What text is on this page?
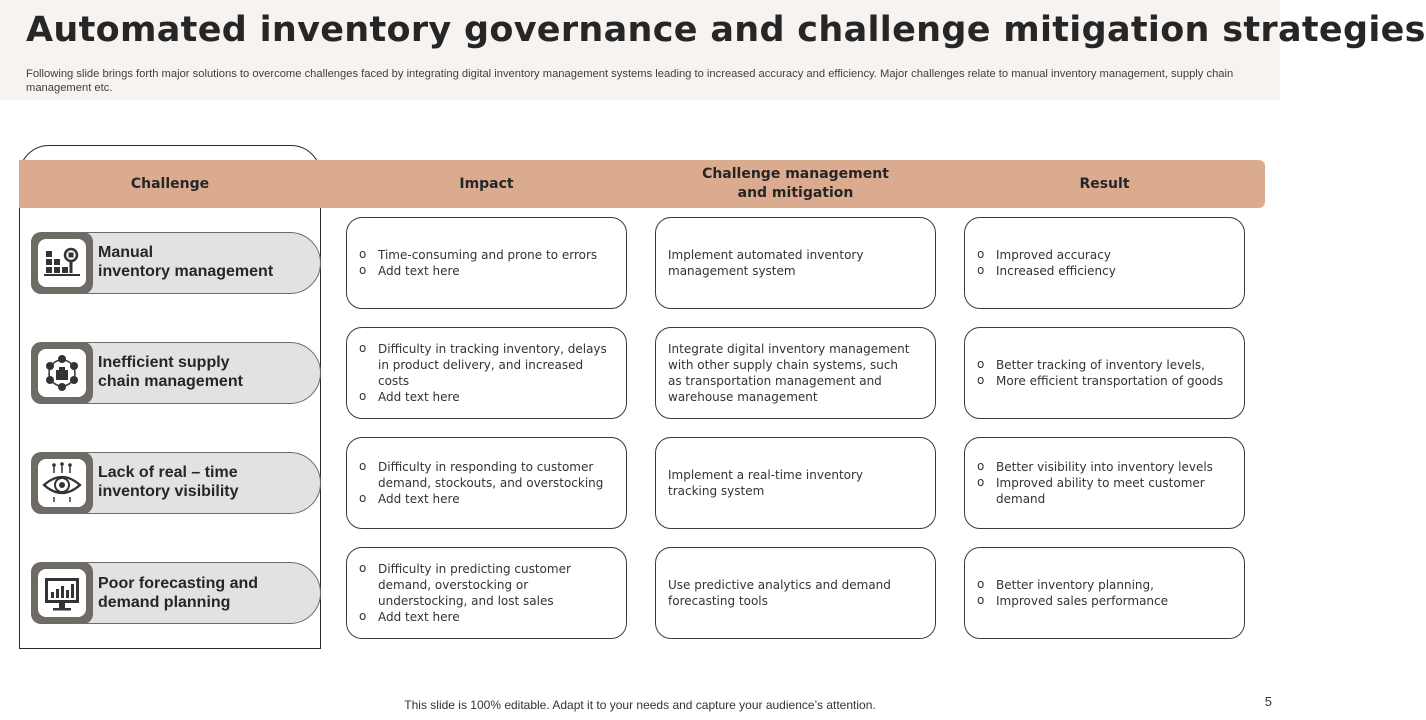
Automated inventory governance and challenge mitigation strategies
Following slide brings forth major solutions to overcome challenges faced by integrating digital inventory management systems leading to increased accuracy and efficiency. Major challenges relate to manual inventory management, supply chain management etc.
Challenge	Impact
Challenge management
and mitigation
Result
Manual
inventory management
o Time-consuming and prone to errors
o Add text here

Implement automated inventory management system

o Improved accuracy
o Increased efficiency
Inefficient supply
chain management
o Difficulty in tracking inventory, delays in product delivery, and increased costs
o Add text here

Integrate digital inventory management with other supply chain systems, such as transportation management and warehouse management

o Better tracking of inventory levels,
o More efficient transportation of goods
Lack of real – time
inventory visibility
o Difficulty in responding to customer demand, stockouts, and overstocking
o Add text here

Implement a real-time inventory tracking system

o Better visibility into inventory levels
o Improved ability to meet customer demand
Poor forecasting and
demand planning
o Difficulty in predicting customer demand, overstocking or understocking, and lost sales
o Add text here

Use predictive analytics and demand forecasting tools

o Better inventory planning,
o Improved sales performance
This slide is 100% editable. Adapt it to your needs and capture your audience’s attention.	5
